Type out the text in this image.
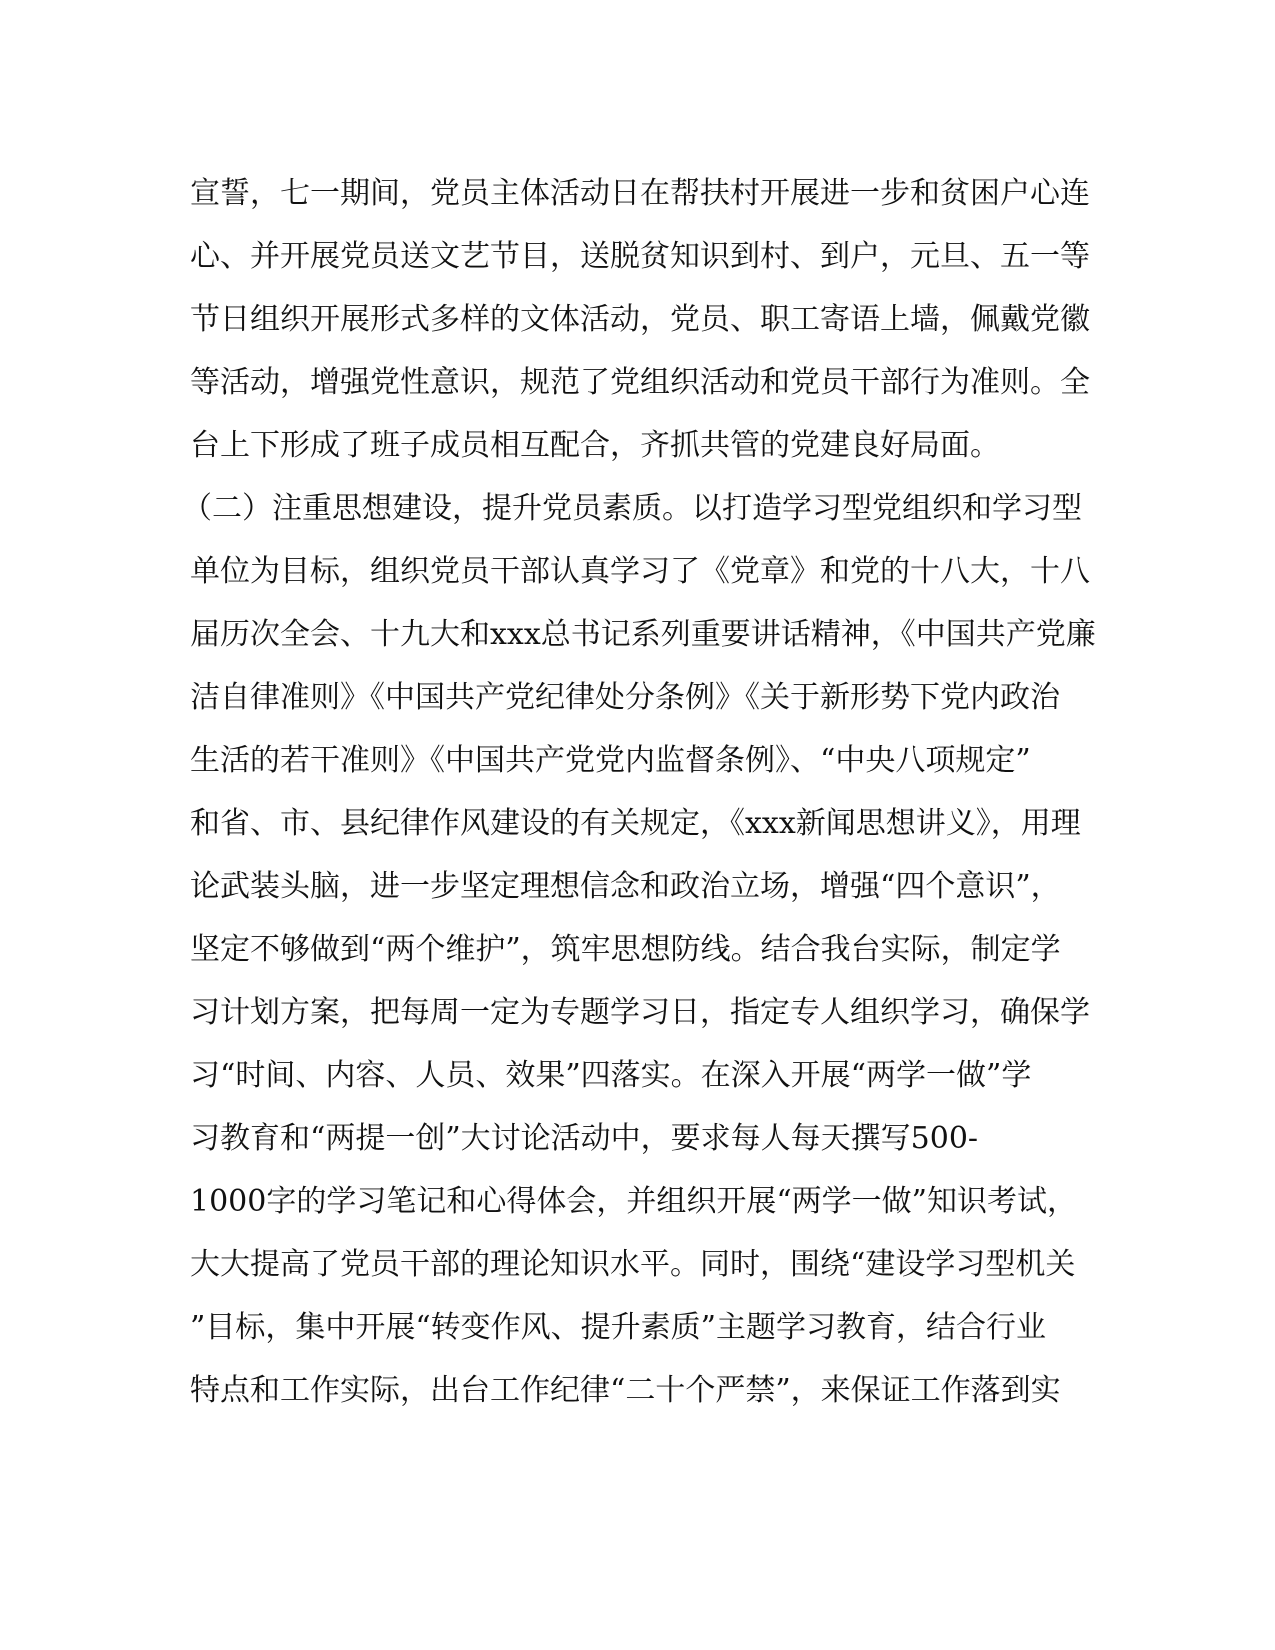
宣誓，七一期间，党员主体活动日在帮扶村开展进一步和贫困户心连
心、并开展党员送文艺节目，送脱贫知识到村、到户，元旦、五一等
节日组织开展形式多样的文体活动，党员、职工寄语上墙，佩戴党徽
等活动，增强党性意识，规范了党组织活动和党员干部行为准则。全
台上下形成了班子成员相互配合，齐抓共管的党建良好局面。
（二）注重思想建设，提升党员素质。以打造学习型党组织和学习型
单位为目标，组织党员干部认真学习了《党章》和党的十八大，十八
届历次全会、十九大和xxx总书记系列重要讲话精神，《中国共产党廉
洁自律准则》《中国共产党纪律处分条例》《关于新形势下党内政治
生活的若干准则》《中国共产党党内监督条例》、“中央八项规定”
和省、市、县纪律作风建设的有关规定，《xxx新闻思想讲义》，用理
论武装头脑，进一步坚定理想信念和政治立场，增强“四个意识”，
坚定不够做到“两个维护”，筑牢思想防线。结合我台实际，制定学
习计划方案，把每周一定为专题学习日，指定专人组织学习，确保学
习“时间、内容、人员、效果”四落实。在深入开展“两学一做”学
习教育和“两提一创”大讨论活动中，要求每人每天撰写500-
1000字的学习笔记和心得体会，并组织开展“两学一做”知识考试，
大大提高了党员干部的理论知识水平。同时，围绕“建设学习型机关
”目标，集中开展“转变作风、提升素质”主题学习教育，结合行业
特点和工作实际，出台工作纪律“二十个严禁”，来保证工作落到实
